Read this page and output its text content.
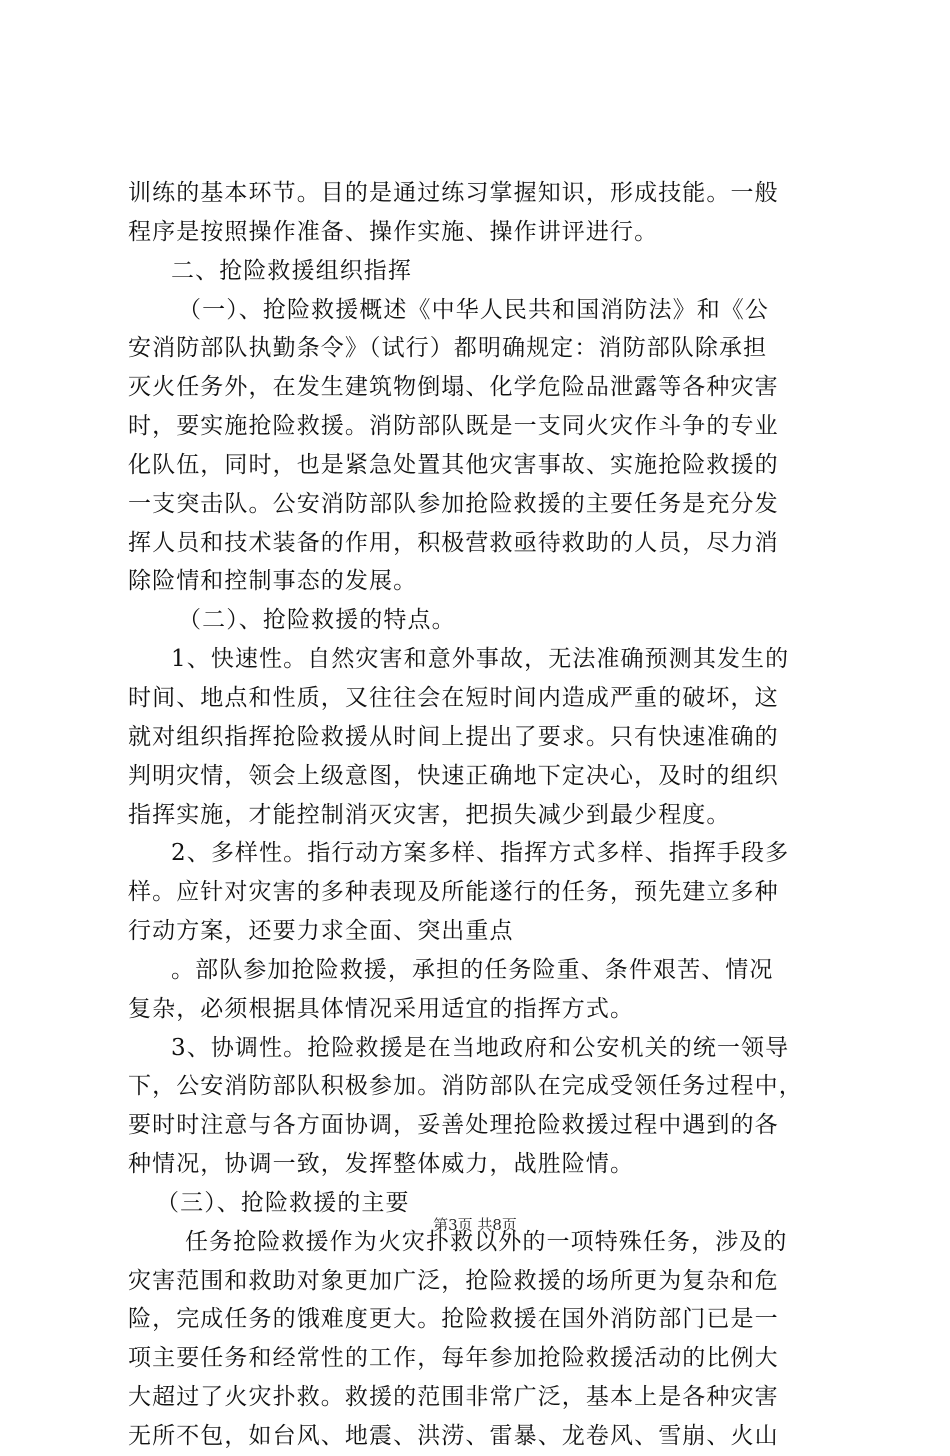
训练的基本环节。目的是通过练习掌握知识，形成技能。一般
程序是按照操作准备、操作实施、操作讲评进行。
二、抢险救援组织指挥
（一）、抢险救援概述《中华人民共和国消防法》和《公
安消防部队执勤条令》（试行）都明确规定：消防部队除承担
灭火任务外，在发生建筑物倒塌、化学危险品泄露等各种灾害
时，要实施抢险救援。消防部队既是一支同火灾作斗争的专业
化队伍，同时，也是紧急处置其他灾害事故、实施抢险救援的
一支突击队。公安消防部队参加抢险救援的主要任务是充分发
挥人员和技术装备的作用，积极营救亟待救助的人员，尽力消
除险情和控制事态的发展。
（二）、抢险救援的特点。
1、快速性。自然灾害和意外事故，无法准确预测其发生的
时间、地点和性质，又往往会在短时间内造成严重的破坏，这
就对组织指挥抢险救援从时间上提出了要求。只有快速准确的
判明灾情，领会上级意图，快速正确地下定决心，及时的组织
指挥实施，才能控制消灭灾害，把损失减少到最少程度。
2、多样性。指行动方案多样、指挥方式多样、指挥手段多
样。应针对灾害的多种表现及所能遂行的任务，预先建立多种
行动方案，还要力求全面、突出重点
。部队参加抢险救援，承担的任务险重、条件艰苦、情况
复杂，必须根据具体情况采用适宜的指挥方式。
3、协调性。抢险救援是在当地政府和公安机关的统一领导
下，公安消防部队积极参加。消防部队在完成受领任务过程中，
要时时注意与各方面协调，妥善处理抢险救援过程中遇到的各
种情况，协调一致，发挥整体威力，战胜险情。
（三）、抢险救援的主要
任务抢险救援作为火灾扑救以外的一项特殊任务，涉及的
灾害范围和救助对象更加广泛，抢险救援的场所更为复杂和危
险，完成任务的饿难度更大。抢险救援在国外消防部门已是一
项主要任务和经常性的工作，每年参加抢险救援活动的比例大
大超过了火灾扑救。救援的范围非常广泛，基本上是各种灾害
无所不包，如台风、地震、洪涝、雷暴、龙卷风、雪崩、火山
第3页 共8页
